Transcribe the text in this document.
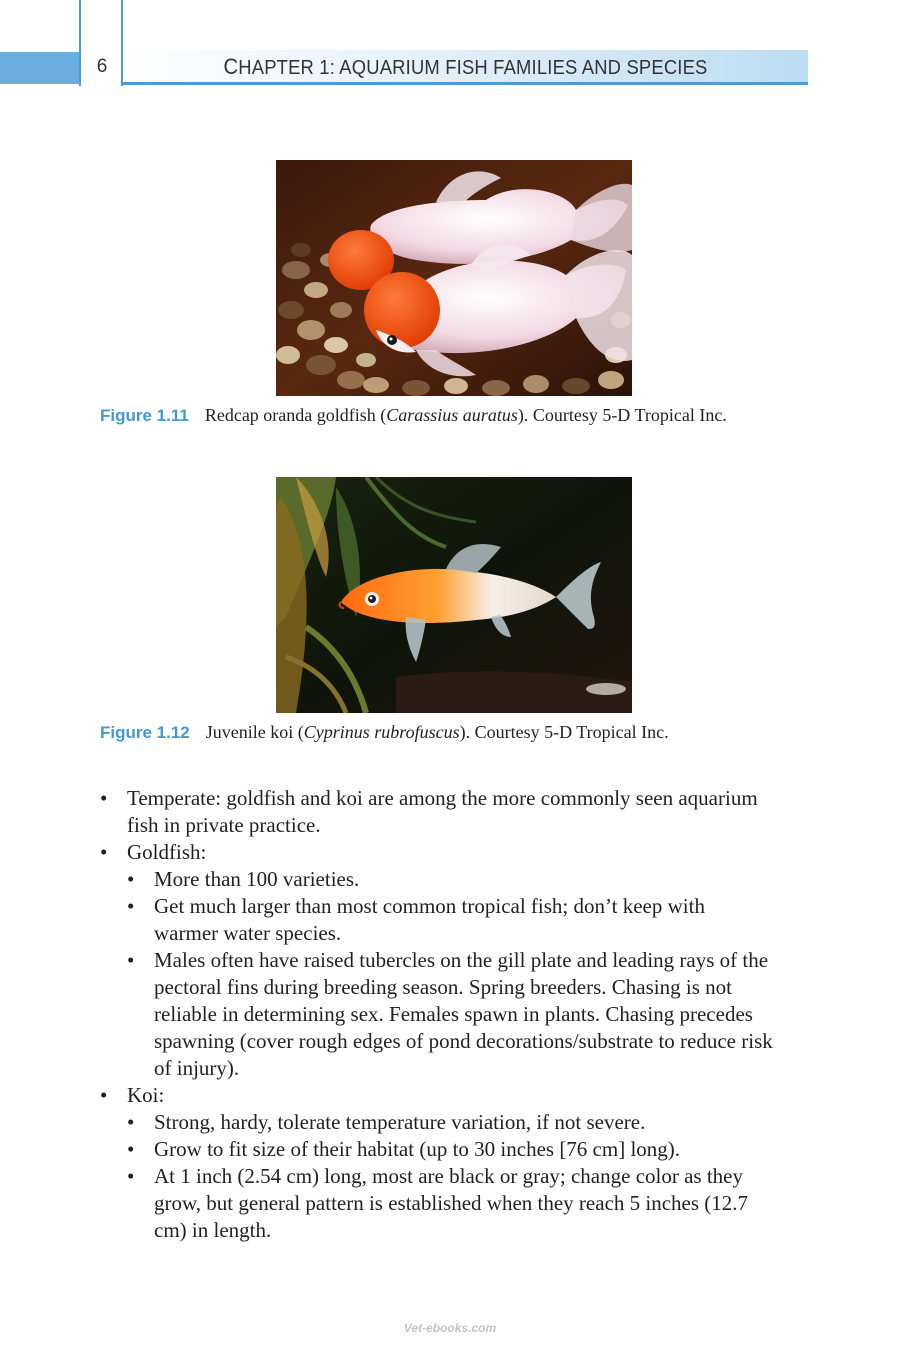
6	CHAPTER 1: AQUARIUM FISH FAMILIES AND SPECIES
Figure 1.11 Redcap oranda goldfish (Carassius auratus). Courtesy 5-D Tropical Inc.
Figure 1.12 Juvenile koi (Cyprinus rubrofuscus). Courtesy 5-D Tropical Inc.
• Temperate: goldfish and koi are among the more commonly seen aquarium
fish in private practice.
• Goldfish:
• More than 100 varieties.
• Get much larger than most common tropical fish; don’t keep with
warmer water species.
• Males often have raised tubercles on the gill plate and leading rays of the
pectoral fins during breeding season. Spring breeders. Chasing is not
reliable in determining sex. Females spawn in plants. Chasing precedes
spawning (cover rough edges of pond decorations/substrate to reduce risk
of injury).
• Koi:
• Strong, hardy, tolerate temperature variation, if not severe.
• Grow to fit size of their habitat (up to 30 inches [76 cm] long).
• At 1 inch (2.54 cm) long, most are black or gray; change color as they
grow, but general pattern is established when they reach 5 inches (12.7
cm) in length.
Vet-ebooks.com
